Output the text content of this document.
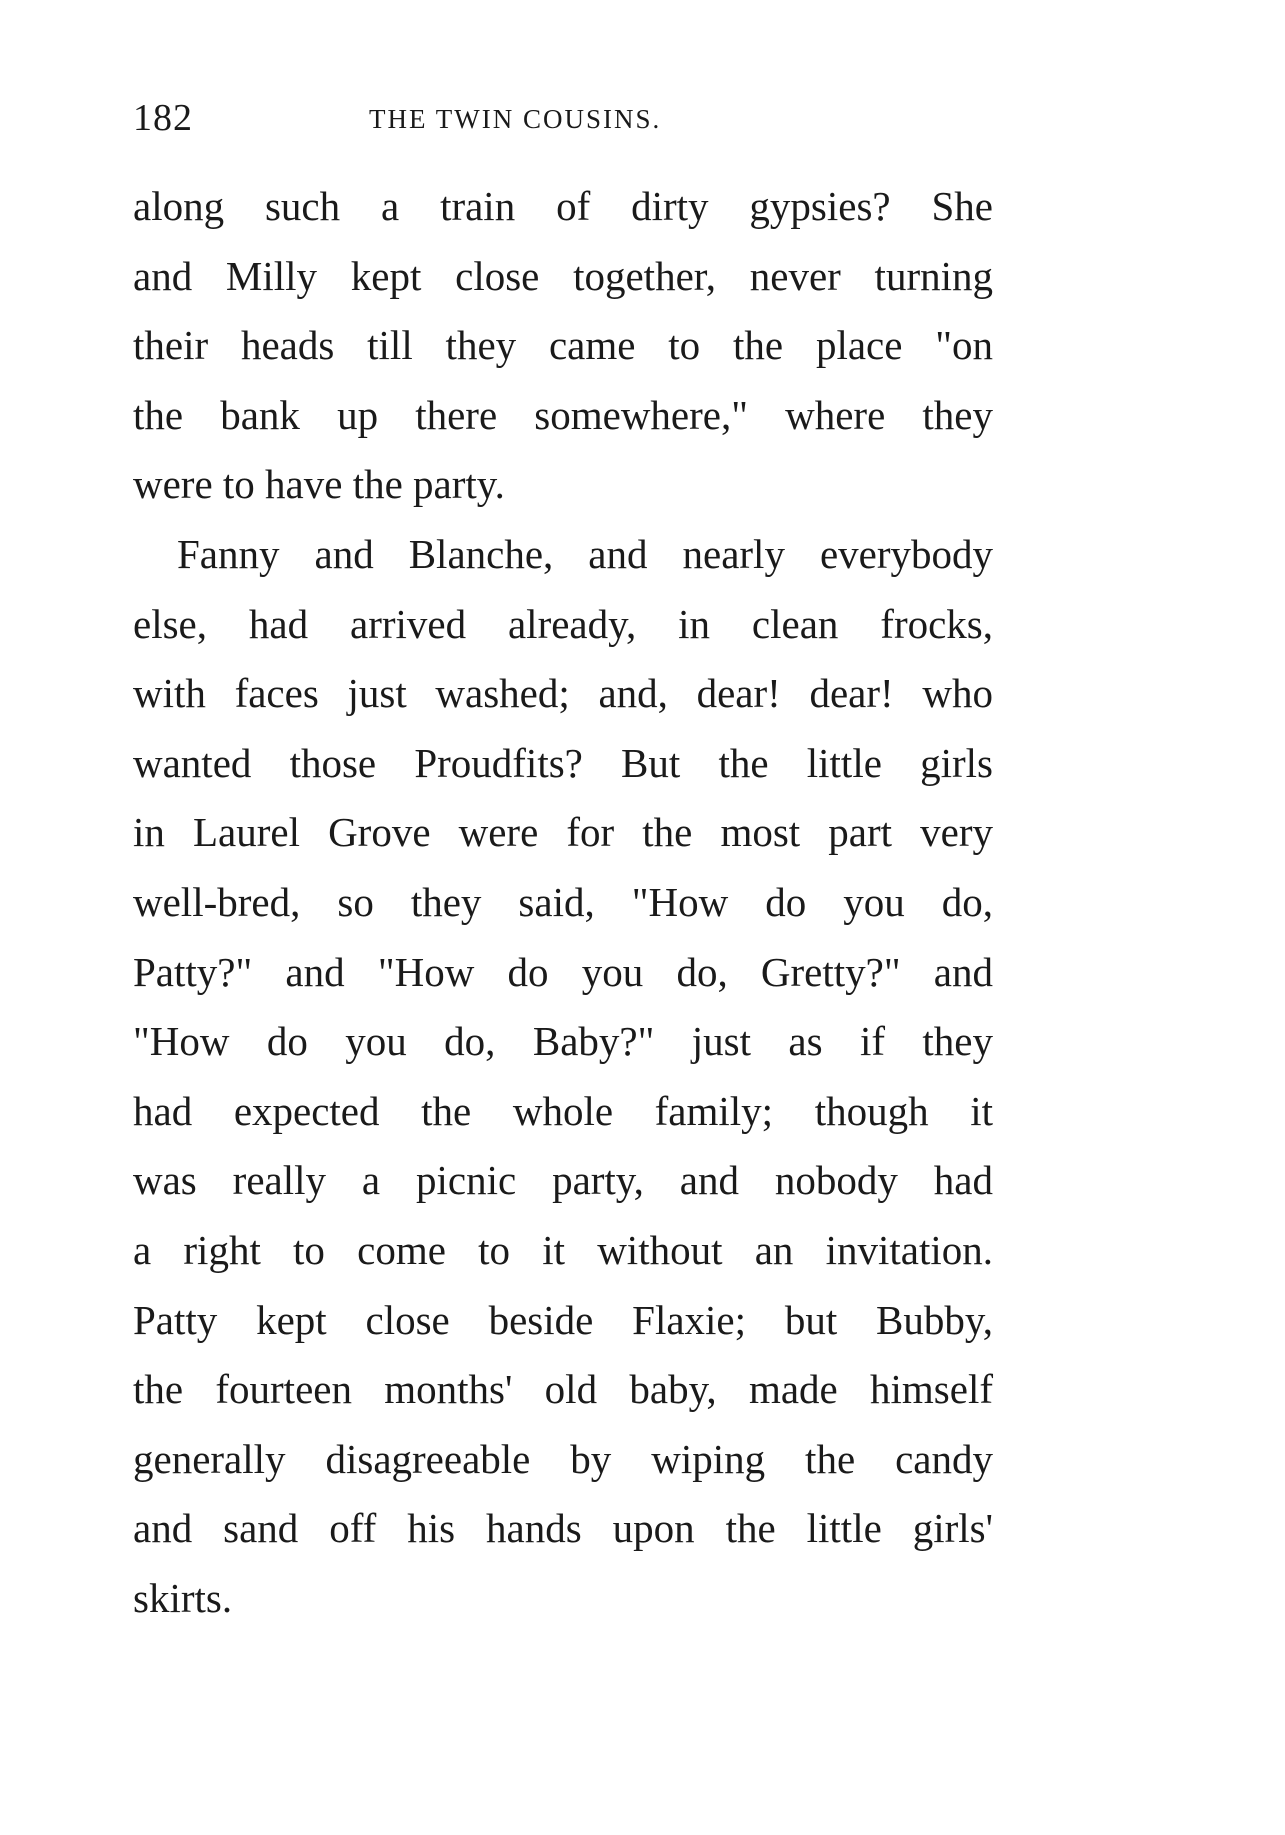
182	THE TWIN COUSINS.
along such a train of dirty gypsies? She
and Milly kept close together, never turning
their heads till they came to the place "on
the bank up there somewhere," where they
were to have the party.
Fanny and Blanche, and nearly everybody
else, had arrived already, in clean frocks,
with faces just washed; and, dear! dear! who
wanted those Proudfits? But the little girls
in Laurel Grove were for the most part very
well-bred, so they said, "How do you do,
Patty?" and "How do you do, Gretty?" and
"How do you do, Baby?" just as if they
had expected the whole family; though it
was really a picnic party, and nobody had
a right to come to it without an invitation.
Patty kept close beside Flaxie; but Bubby,
the fourteen months' old baby, made himself
generally disagreeable by wiping the candy
and sand off his hands upon the little girls'
skirts.
